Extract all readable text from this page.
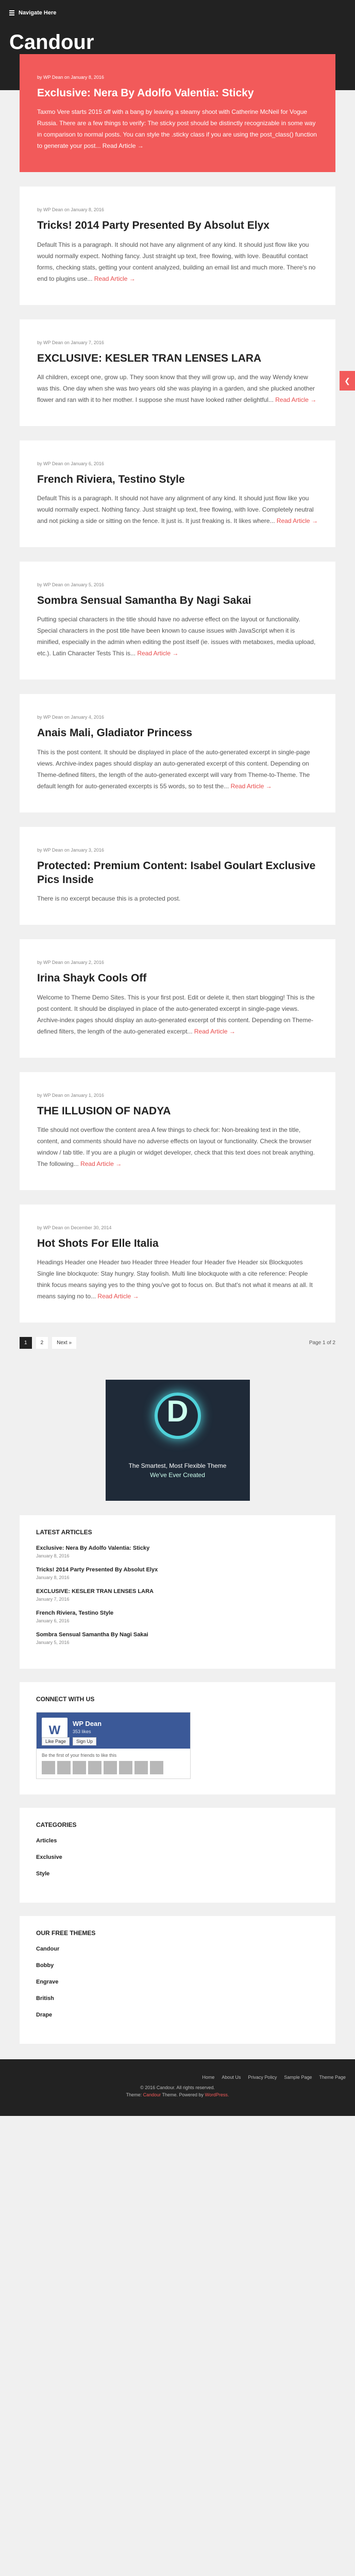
Navigate Here
Candour
❮
by WP Dean on January 8, 2016
Exclusive: Nera By Adolfo Valentia: Sticky

Taxmo Vere starts 2015 off with a bang by leaving a steamy shoot with Catherine McNeil for Vogue Russia. There are a few things to verify: The sticky post should be distinctly recognizable in some way in comparison to normal posts. You can style the .sticky class if you are using the post_class() function to generate your post... Read Article →

by WP Dean on January 8, 2016
Tricks! 2014 Party Presented By Absolut Elyx

Default This is a paragraph. It should not have any alignment of any kind. It should just flow like you would normally expect. Nothing fancy. Just straight up text, free flowing, with love. Beautiful contact forms, checking stats, getting your content analyzed, building an email list and much more. There's no end to plugins use... Read Article →

by WP Dean on January 7, 2016
EXCLUSIVE: KESLER TRAN LENSES LARA

All children, except one, grow up. They soon know that they will grow up, and the way Wendy knew was this. One day when she was two years old she was playing in a garden, and she plucked another flower and ran with it to her mother. I suppose she must have looked rather delightful... Read Article →

by WP Dean on January 6, 2016
French Riviera, Testino Style

Default This is a paragraph. It should not have any alignment of any kind. It should just flow like you would normally expect. Nothing fancy. Just straight up text, free flowing, with love. Completely neutral and not picking a side or sitting on the fence. It just is. It just freaking is. It likes where... Read Article →

by WP Dean on January 5, 2016
Sombra Sensual Samantha By Nagi Sakai

Putting special characters in the title should have no adverse effect on the layout or functionality. Special characters in the post title have been known to cause issues with JavaScript when it is minified, especially in the admin when editing the post itself (ie. issues with metaboxes, media upload, etc.). Latin Character Tests This is... Read Article →

by WP Dean on January 4, 2016
Anais Mali, Gladiator Princess

This is the post content. It should be displayed in place of the auto-generated excerpt in single-page views. Archive-index pages should display an auto-generated excerpt of this content. Depending on Theme-defined filters, the length of the auto-generated excerpt will vary from Theme-to-Theme. The default length for auto-generated excerpts is 55 words, so to test the... Read Article →

by WP Dean on January 3, 2016
Protected: Premium Content: Isabel Goulart Exclusive Pics Inside

There is no excerpt because this is a protected post.

by WP Dean on January 2, 2016
Irina Shayk Cools Off

Welcome to Theme Demo Sites. This is your first post. Edit or delete it, then start blogging! This is the post content. It should be displayed in place of the auto-generated excerpt in single-page views. Archive-index pages should display an auto-generated excerpt of this content. Depending on Theme-defined filters, the length of the auto-generated excerpt... Read Article →

by WP Dean on January 1, 2016
THE ILLUSION OF NADYA

Title should not overflow the content area A few things to check for: Non-breaking text in the title, content, and comments should have no adverse effects on layout or functionality. Check the browser window / tab title. If you are a plugin or widget developer, check that this text does not break anything. The following... Read Article →

by WP Dean on December 30, 2014
Hot Shots For Elle Italia

Headings Header one Header two Header three Header four Header five Header six Blockquotes Single line blockquote: Stay hungry. Stay foolish. Multi line blockquote with a cite reference: People think focus means saying yes to the thing you've got to focus on. But that's not what it means at all. It means saying no to... Read Article →

1	2	Next »	Page 1 of 2
D
The Smartest, Most Flexible Theme
We've Ever Created
LATEST ARTICLES
Exclusive: Nera By Adolfo Valentia: Sticky
January 8, 2016
Tricks! 2014 Party Presented By Absolut Elyx
January 8, 2016
EXCLUSIVE: KESLER TRAN LENSES LARA
January 7, 2016
French Riviera, Testino Style
January 6, 2016
Sombra Sensual Samantha By Nagi Sakai
January 5, 2016
CONNECT WITH US
W WP Dean
353 likes
Like Page	Sign Up
Be the first of your friends to like this
CATEGORIES
Articles
Exclusive
Style
OUR FREE THEMES
Candour
Bobby
Engrave
British
Drape
Home About Us Privacy Policy Sample Page Theme Page
© 2016 Candour. All rights reserved.
Theme: Candour Theme. Powered by WordPress.
